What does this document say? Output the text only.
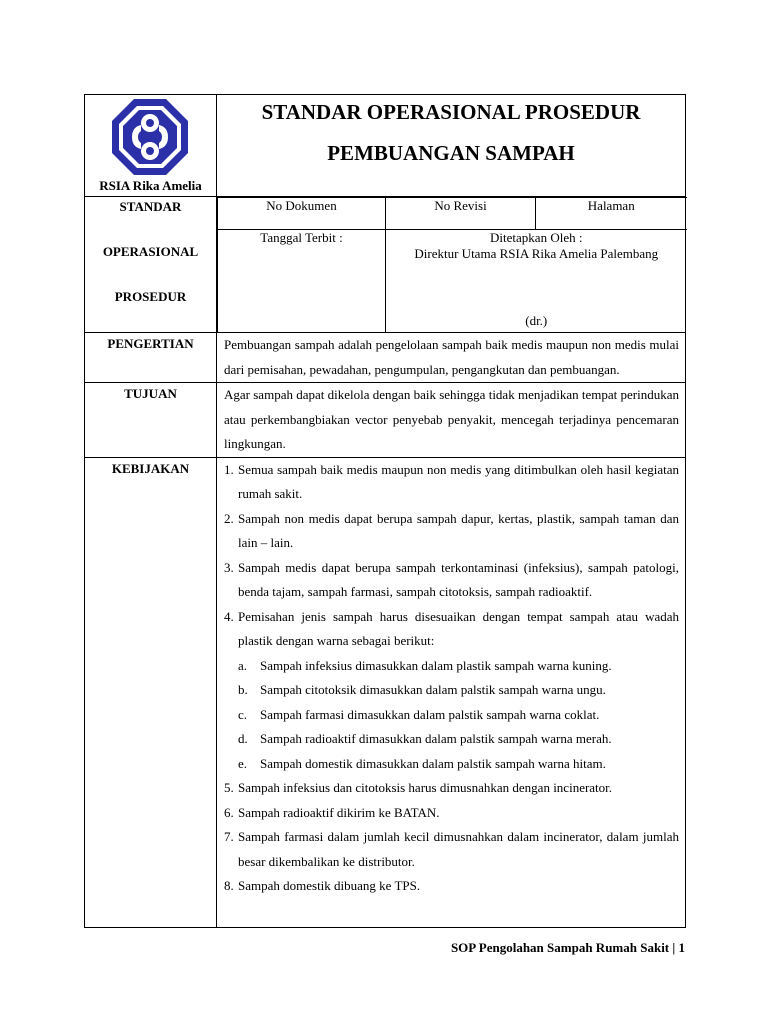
RSIA Rika Amelia

STANDAR OPERASIONAL PROSEDUR
PEMBUANGAN SAMPAH

STANDAR
OPERASIONAL
PROSEDUR

No Dokumen	No Revisi	Halaman
Tanggal Terbit :	Ditetapkan Oleh :
Direktur Utama RSIA Rika Amelia Palembang
(dr.)

PENGERTIAN	Pembuangan sampah adalah pengelolaan sampah baik medis maupun non medis mulai dari pemisahan, pewadahan, pengumpulan, pengangkutan dan pembuangan.

TUJUAN	Agar sampah dapat dikelola dengan baik sehingga tidak menjadikan tempat perindukan atau perkembangbiakan vector penyebab penyakit, mencegah terjadinya pencemaran lingkungan.

KEBIJAKAN	1. Semua sampah baik medis maupun non medis yang ditimbulkan oleh hasil kegiatan rumah sakit.
2. Sampah non medis dapat berupa sampah dapur, kertas, plastik, sampah taman dan lain – lain.
3. Sampah medis dapat berupa sampah terkontaminasi (infeksius), sampah patologi, benda tajam, sampah farmasi, sampah citotoksis, sampah radioaktif.
4. Pemisahan jenis sampah harus disesuaikan dengan tempat sampah atau wadah plastik dengan warna sebagai berikut:
a. Sampah infeksius dimasukkan dalam plastik sampah warna kuning.
b. Sampah citotoksik dimasukkan dalam palstik sampah warna ungu.
c. Sampah farmasi dimasukkan dalam palstik sampah warna coklat.
d. Sampah radioaktif dimasukkan dalam palstik sampah warna merah.
e. Sampah domestik dimasukkan dalam palstik sampah warna hitam.
5. Sampah infeksius dan citotoksis harus dimusnahkan dengan incinerator.
6. Sampah radioaktif dikirim ke BATAN.
7. Sampah farmasi dalam jumlah kecil dimusnahkan dalam incinerator, dalam jumlah besar dikembalikan ke distributor.
8. Sampah domestik dibuang ke TPS.
SOP Pengolahan Sampah Rumah Sakit | 1
